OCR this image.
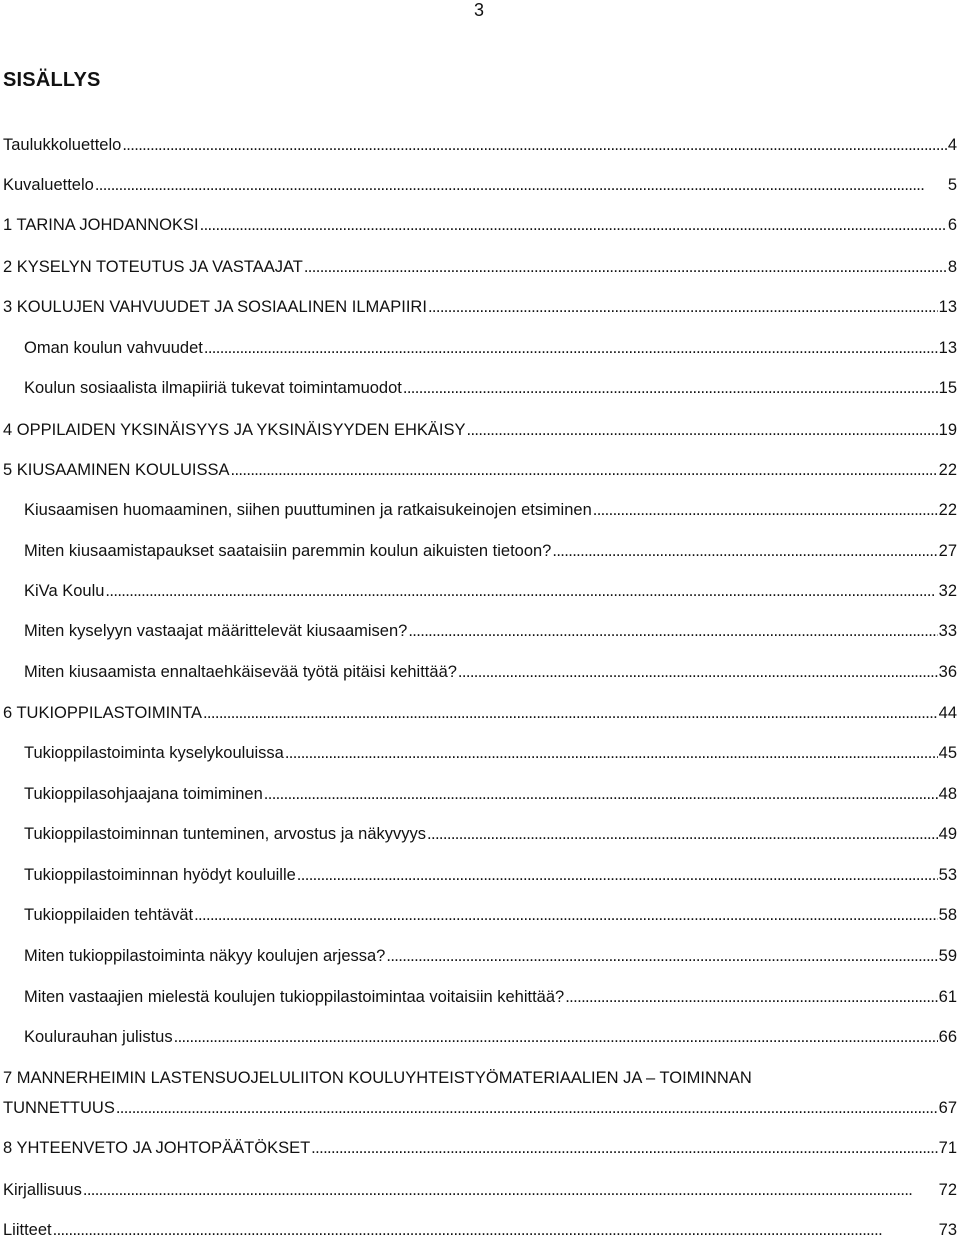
3
SISÄLLYS
Taulukkoluettelo . . .	4
Kuvaluettelo . . .	5
1 TARINA JOHDANNOKSI . . .	6
2 KYSELYN TOTEUTUS JA VASTAAJAT . . .	8
3 KOULUJEN VAHVUUDET JA SOSIAALINEN ILMAPIIRI . . .	13
Oman koulun vahvuudet . . .	13
Koulun sosiaalista ilmapiiriä tukevat toimintamuodot . . .	15
4 OPPILAIDEN YKSINÄISYYS JA YKSINÄISYYDEN EHKÄISY . . .	19
5 KIUSAAMINEN KOULUISSA . . .	22
Kiusaamisen huomaaminen, siihen puuttuminen ja ratkaisukeinojen etsiminen . . .	22
Miten kiusaamistapaukset saataisiin paremmin koulun aikuisten tietoon? . . .	27
KiVa Koulu . . .	32
Miten kyselyyn vastaajat määrittelevät kiusaamisen? . . .	33
Miten kiusaamista ennaltaehkäisevää työtä pitäisi kehittää? . . .	36
6 TUKIOPPILASTOIMINTA . . .	44
Tukioppilastoiminta kyselykouluissa . . .	45
Tukioppilasohjaajana toimiminen . . .	48
Tukioppilastoiminnan tunteminen, arvostus ja näkyvyys . . .	49
Tukioppilastoiminnan hyödyt kouluille . . .	53
Tukioppilaiden tehtävät . . .	58
Miten tukioppilastoiminta näkyy koulujen arjessa? . . .	59
Miten vastaajien mielestä koulujen tukioppilastoimintaa voitaisiin kehittää? . . .	61
Koulurauhan julistus . . .	66
7 MANNERHEIMIN LASTENSUOJELULIITON KOULUYHTEISTYÖMATERIAALIEN JA – TOIMINNAN
TUNNETTUUS . . .	67
8 YHTEENVETO JA JOHTOPÄÄTÖKSET . . .	71
Kirjallisuus . . .	72
Liitteet . . .	73
